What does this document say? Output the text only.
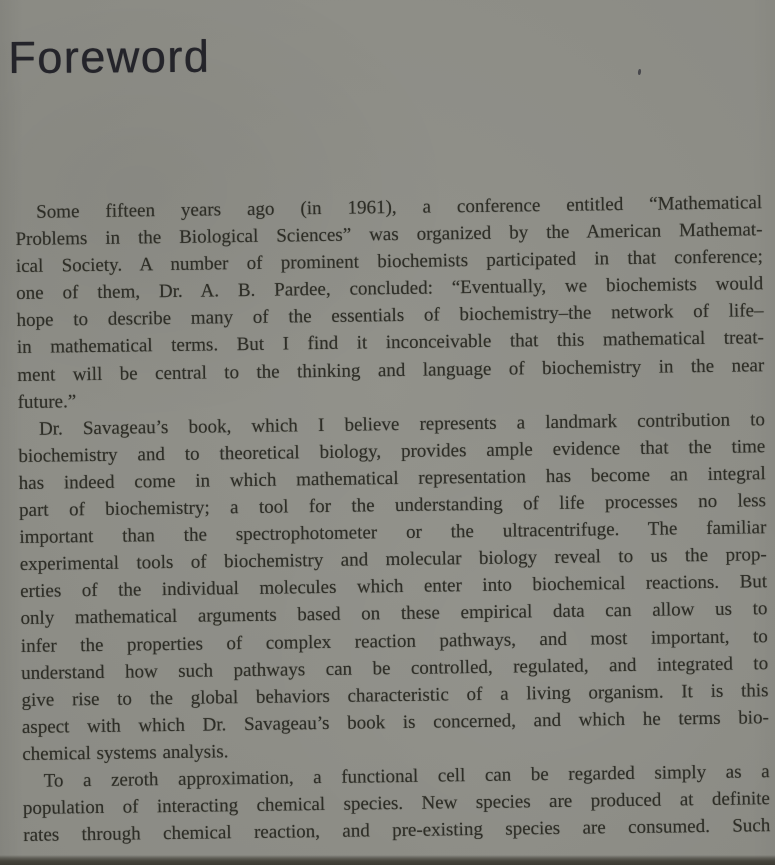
Foreword
Some fifteen years ago (in 1961), a conference entitled “Mathematical
Problems in the Biological Sciences” was organized by the American Mathemat-
ical Society. A number of prominent biochemists participated in that conference;
one of them, Dr. A. B. Pardee, concluded: “Eventually, we biochemists would
hope to describe many of the essentials of biochemistry–the network of life–
in mathematical terms. But I find it inconceivable that this mathematical treat-
ment will be central to the thinking and language of biochemistry in the near
future.”
Dr. Savageau’s book, which I believe represents a landmark contribution to
biochemistry and to theoretical biology, provides ample evidence that the time
has indeed come in which mathematical representation has become an integral
part of biochemistry; a tool for the understanding of life processes no less
important than the spectrophotometer or the ultracentrifuge. The familiar
experimental tools of biochemistry and molecular biology reveal to us the prop-
erties of the individual molecules which enter into biochemical reactions. But
only mathematical arguments based on these empirical data can allow us to
infer the properties of complex reaction pathways, and most important, to
understand how such pathways can be controlled, regulated, and integrated to
give rise to the global behaviors characteristic of a living organism. It is this
aspect with which Dr. Savageau’s book is concerned, and which he terms bio-
chemical systems analysis.
To a zeroth approximation, a functional cell can be regarded simply as a
population of interacting chemical species. New species are produced at definite
rates through chemical reaction, and pre-existing species are consumed. Such
